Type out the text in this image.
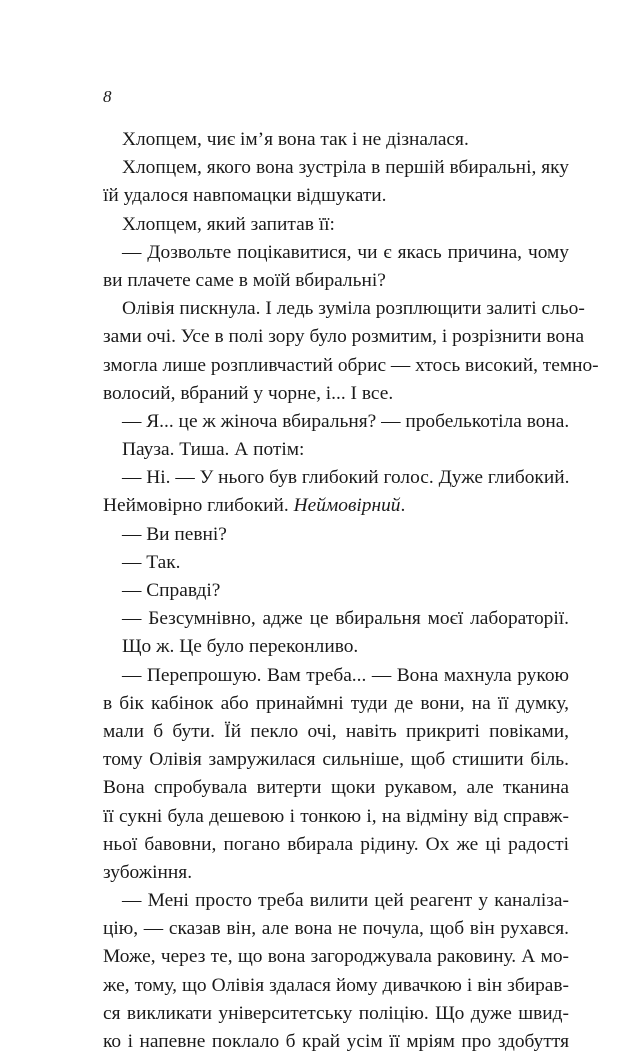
8
Хлопцем, чиє ім’я вона так і не дізналася.
Хлопцем, якого вона зустріла в першій вбиральні, яку
їй удалося навпомацки відшукати.
Хлопцем, який запитав її:
— Дозвольте поцікавитися, чи є якась причина, чому
ви плачете саме в моїй вбиральні?
Олівія пискнула. І ледь зуміла розплющити залиті сльо-
зами очі. Усе в полі зору було розмитим, і розрізнити вона
змогла лише розпливчастий обрис — хтось високий, темно-
волосий, вбраний у чорне, і... І все.
— Я... це ж жіноча вбиральня? — пробелькотіла вона.
Пауза. Тиша. А потім:
— Ні. — У нього був глибокий голос. Дуже глибокий.
Неймовірно глибокий. Неймовірний.
— Ви певні?
— Так.
— Справді?
— Безсумнівно, адже це вбиральня моєї лабораторії.
Що ж. Це було переконливо.
— Перепрошую. Вам треба... — Вона махнула рукою
в бік кабінок або принаймні туди де вони, на її думку,
мали б бути. Їй пекло очі, навіть прикриті повіками,
тому Олівія замружилася сильніше, щоб стишити біль.
Вона спробувала витерти щоки рукавом, але тканина
її сукні була дешевою і тонкою і, на відміну від справж-
ньої бавовни, погано вбирала рідину. Ох же ці радості
зубожіння.
— Мені просто треба вилити цей реагент у каналіза-
цію, — сказав він, але вона не почула, щоб він рухався.
Може, через те, що вона загороджувала раковину. А мо-
же, тому, що Олівія здалася йому дивачкою і він збирав-
ся викликати університетську поліцію. Що дуже швид-
ко і напевне поклало б край усім її мріям про здобуття
